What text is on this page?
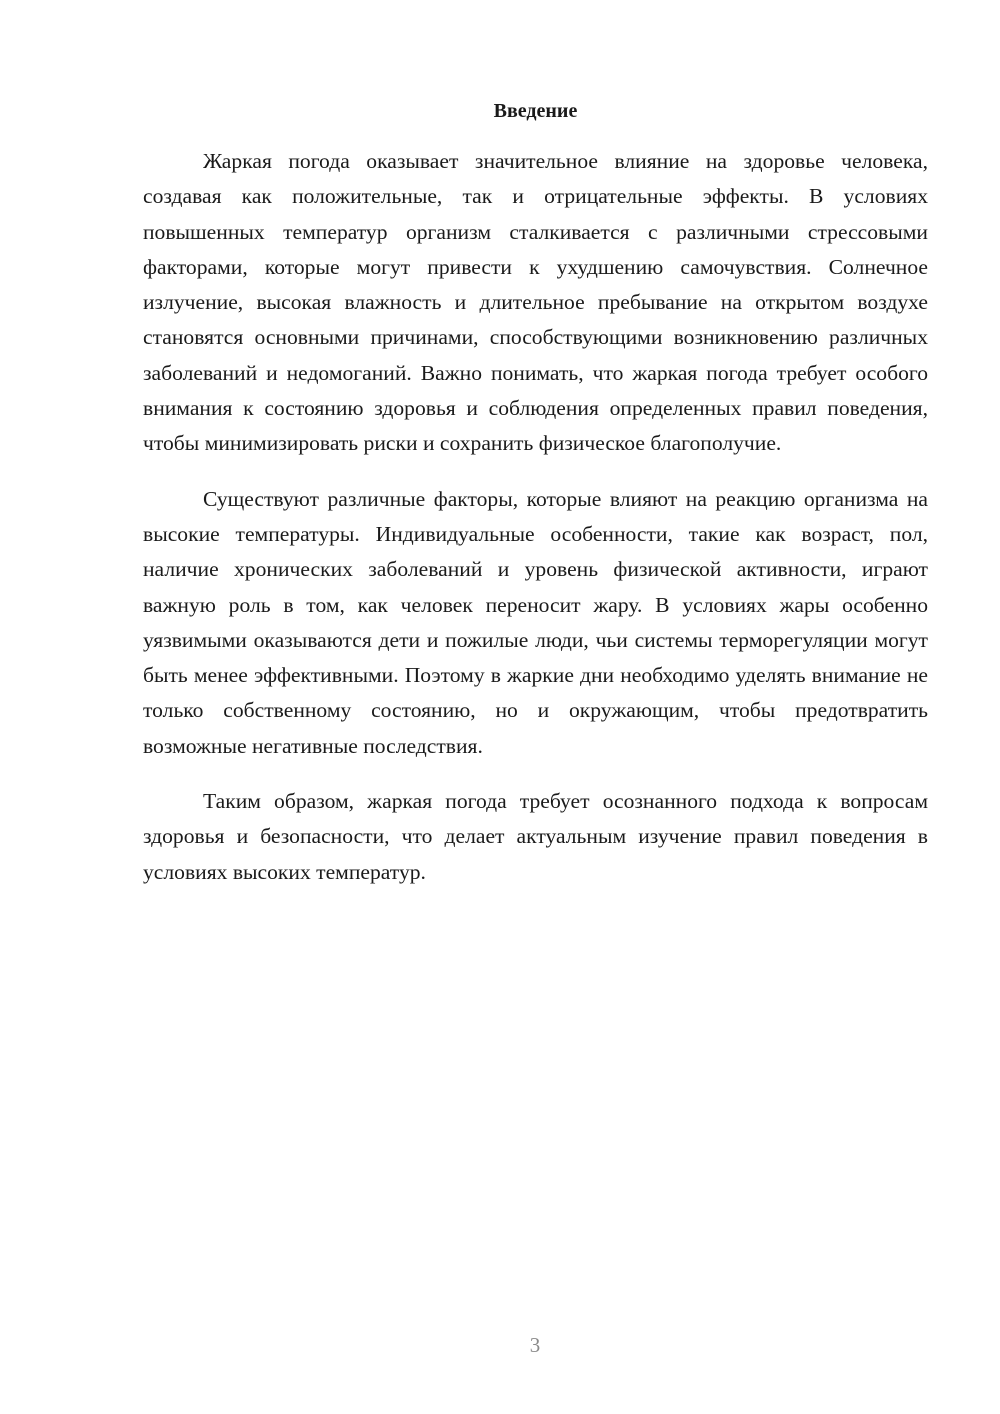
Введение

Жаркая погода оказывает значительное влияние на здоровье человека, создавая как положительные, так и отрицательные эффекты. В условиях повышенных температур организм сталкивается с различными стрессовыми факторами, которые могут привести к ухудшению самочувствия. Солнечное излучение, высокая влажность и длительное пребывание на открытом воздухе становятся основными причинами, способствующими возникновению различных заболеваний и недомоганий. Важно понимать, что жаркая погода требует особого внимания к состоянию здоровья и соблюдения определенных правил поведения, чтобы минимизировать риски и сохранить физическое благополучие.

Существуют различные факторы, которые влияют на реакцию организма на высокие температуры. Индивидуальные особенности, такие как возраст, пол, наличие хронических заболеваний и уровень физической активности, играют важную роль в том, как человек переносит жару. В условиях жары особенно уязвимыми оказываются дети и пожилые люди, чьи системы терморегуляции могут быть менее эффективными. Поэтому в жаркие дни необходимо уделять внимание не только собственному состоянию, но и окружающим, чтобы предотвратить возможные негативные последствия.

Таким образом, жаркая погода требует осознанного подхода к вопросам здоровья и безопасности, что делает актуальным изучение правил поведения в условиях высоких температур.

3
